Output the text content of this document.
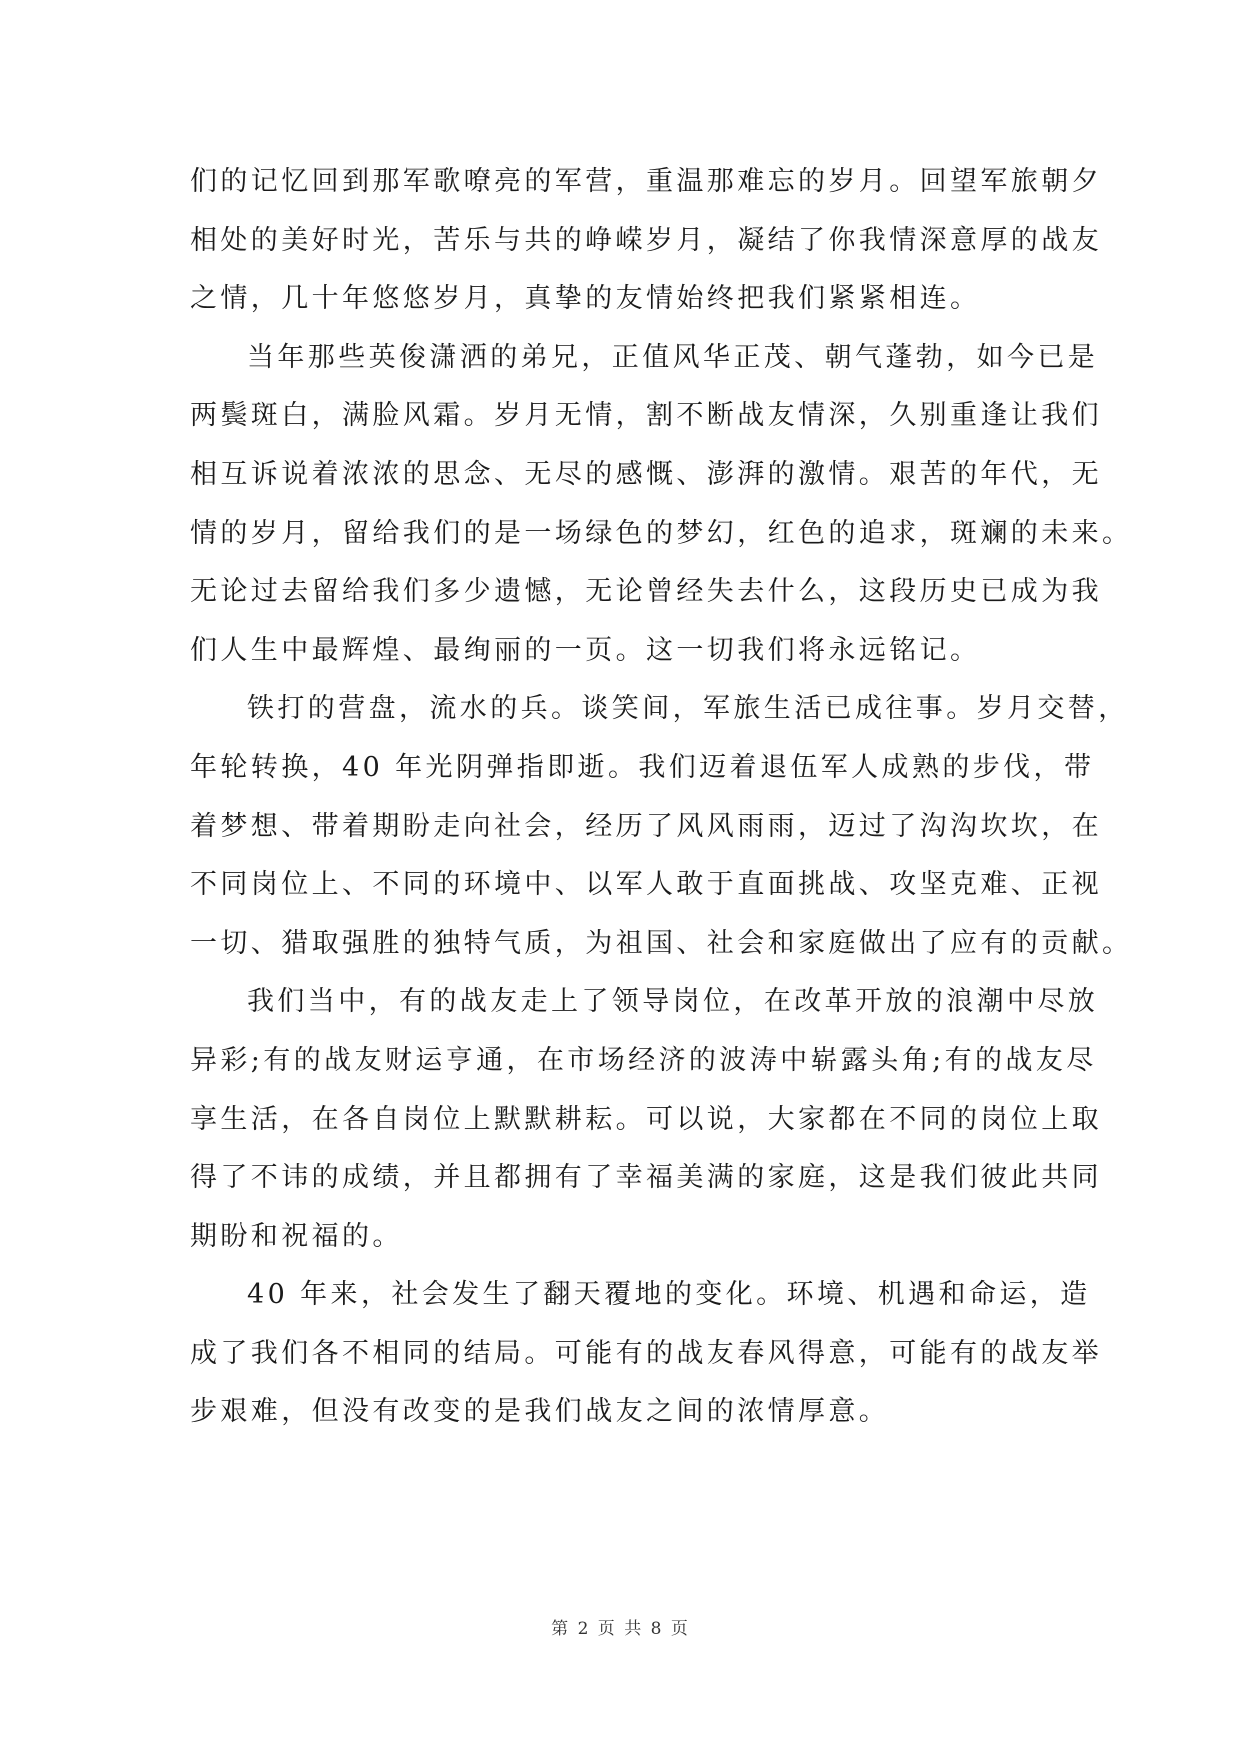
们的记忆回到那军歌嘹亮的军营，重温那难忘的岁月。回望军旅朝夕
相处的美好时光，苦乐与共的峥嵘岁月，凝结了你我情深意厚的战友
之情，几十年悠悠岁月，真挚的友情始终把我们紧紧相连。
当年那些英俊潇洒的弟兄，正值风华正茂、朝气蓬勃，如今已是
两鬓斑白，满脸风霜。岁月无情，割不断战友情深，久别重逢让我们
相互诉说着浓浓的思念、无尽的感慨、澎湃的激情。艰苦的年代，无
情的岁月，留给我们的是一场绿色的梦幻，红色的追求，斑斓的未来。
无论过去留给我们多少遗憾，无论曾经失去什么，这段历史已成为我
们人生中最辉煌、最绚丽的一页。这一切我们将永远铭记。
铁打的营盘，流水的兵。谈笑间，军旅生活已成往事。岁月交替，
年轮转换，40 年光阴弹指即逝。我们迈着退伍军人成熟的步伐，带
着梦想、带着期盼走向社会，经历了风风雨雨，迈过了沟沟坎坎，在
不同岗位上、不同的环境中、以军人敢于直面挑战、攻坚克难、正视
一切、猎取强胜的独特气质，为祖国、社会和家庭做出了应有的贡献。
我们当中，有的战友走上了领导岗位，在改革开放的浪潮中尽放
异彩;有的战友财运亨通，在市场经济的波涛中崭露头角;有的战友尽
享生活，在各自岗位上默默耕耘。可以说，大家都在不同的岗位上取
得了不讳的成绩，并且都拥有了幸福美满的家庭，这是我们彼此共同
期盼和祝福的。
40 年来，社会发生了翻天覆地的变化。环境、机遇和命运，造
成了我们各不相同的结局。可能有的战友春风得意，可能有的战友举
步艰难，但没有改变的是我们战友之间的浓情厚意。
第 2 页 共 8 页
